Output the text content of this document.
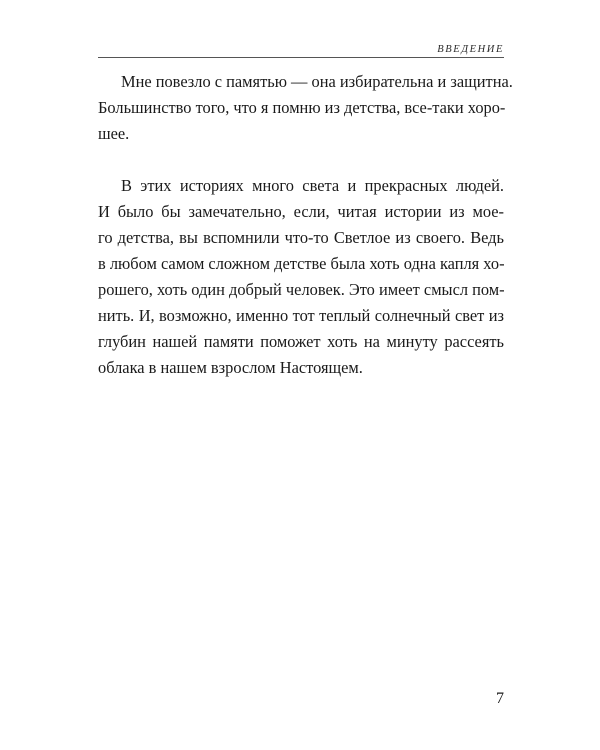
ВВЕДЕНИЕ
Мне повезло с памятью — она избирательна и защитна.
Большинство того, что я помню из детства, все-таки хоро-
шее.
В этих историях много света и прекрасных людей.
И было бы замечательно, если, читая истории из мое-
го детства, вы вспомнили что-то Светлое из своего. Ведь
в любом самом сложном детстве была хоть одна капля хо-
рошего, хоть один добрый человек. Это имеет смысл пом-
нить. И, возможно, именно тот теплый солнечный свет из
глубин нашей памяти поможет хоть на минуту рассеять
облака в нашем взрослом Настоящем.
7
